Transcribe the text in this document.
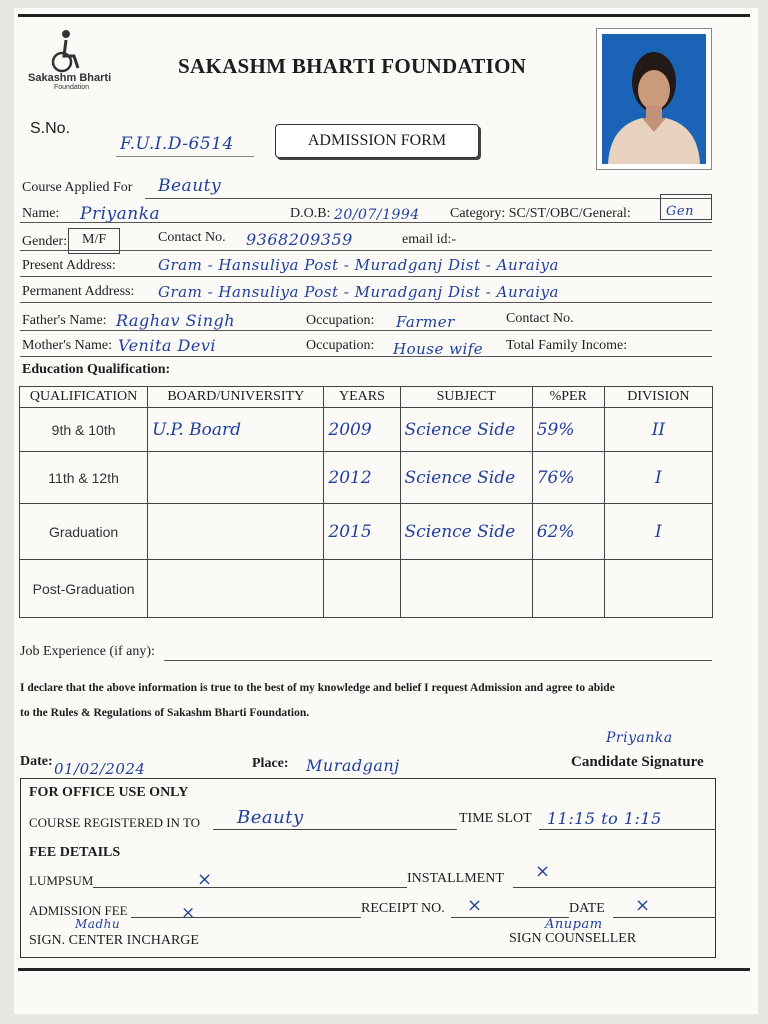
Sakashm Bharti
Foundation
SAKASHM BHARTI FOUNDATION
S.No.
F.U.I.D-6514	ADMISSION FORM
Course Applied For Beauty
Name: Priyanka	D.O.B: 20/07/1994 Category: SC/ST/OBC/General:	Gen
Gender: M/F	Contact No. 9368209359	email id:-
Present Address:	Gram - Hansuliya Post - Muradganj Dist - Auraiya
Permanent Address: Gram - Hansuliya Post - Muradganj Dist - Auraiya
Father's Name: Raghav Singh	Occupation: Farmer	Contact No.
Mother's Name: Venita Devi	Occupation: House wife Total Family Income:
Education Qualification:
QUALIFICATION	BOARD/UNIVERSITY	YEARS	SUBJECT	%PER	DIVISION
9th & 10th	U.P. Board	2009	Science Side	59%	II
11th & 12th		2012	Science Side	76%	I
Graduation		2015	Science Side	62%	I
Post-Graduation					
Job Experience (if any):
I declare that the above information is true to the best of my knowledge and belief I request Admission and agree to abide
to the Rules & Regulations of Sakashm Bharti Foundation.
Priyanka
Date: 01/02/2024	Place: Muradganj	Candidate Signature
FOR OFFICE USE ONLY
COURSE REGISTERED IN TO Beauty	TIME SLOT 11:15 to 1:15
FEE DETAILS
LUMPSUM	×	INSTALLMENT ×
ADMISSION FEE	×	RECEIPT NO. ×	DATE ×
Madhu
SIGN. CENTER INCHARGE
Anupam
SIGN COUNSELLER
